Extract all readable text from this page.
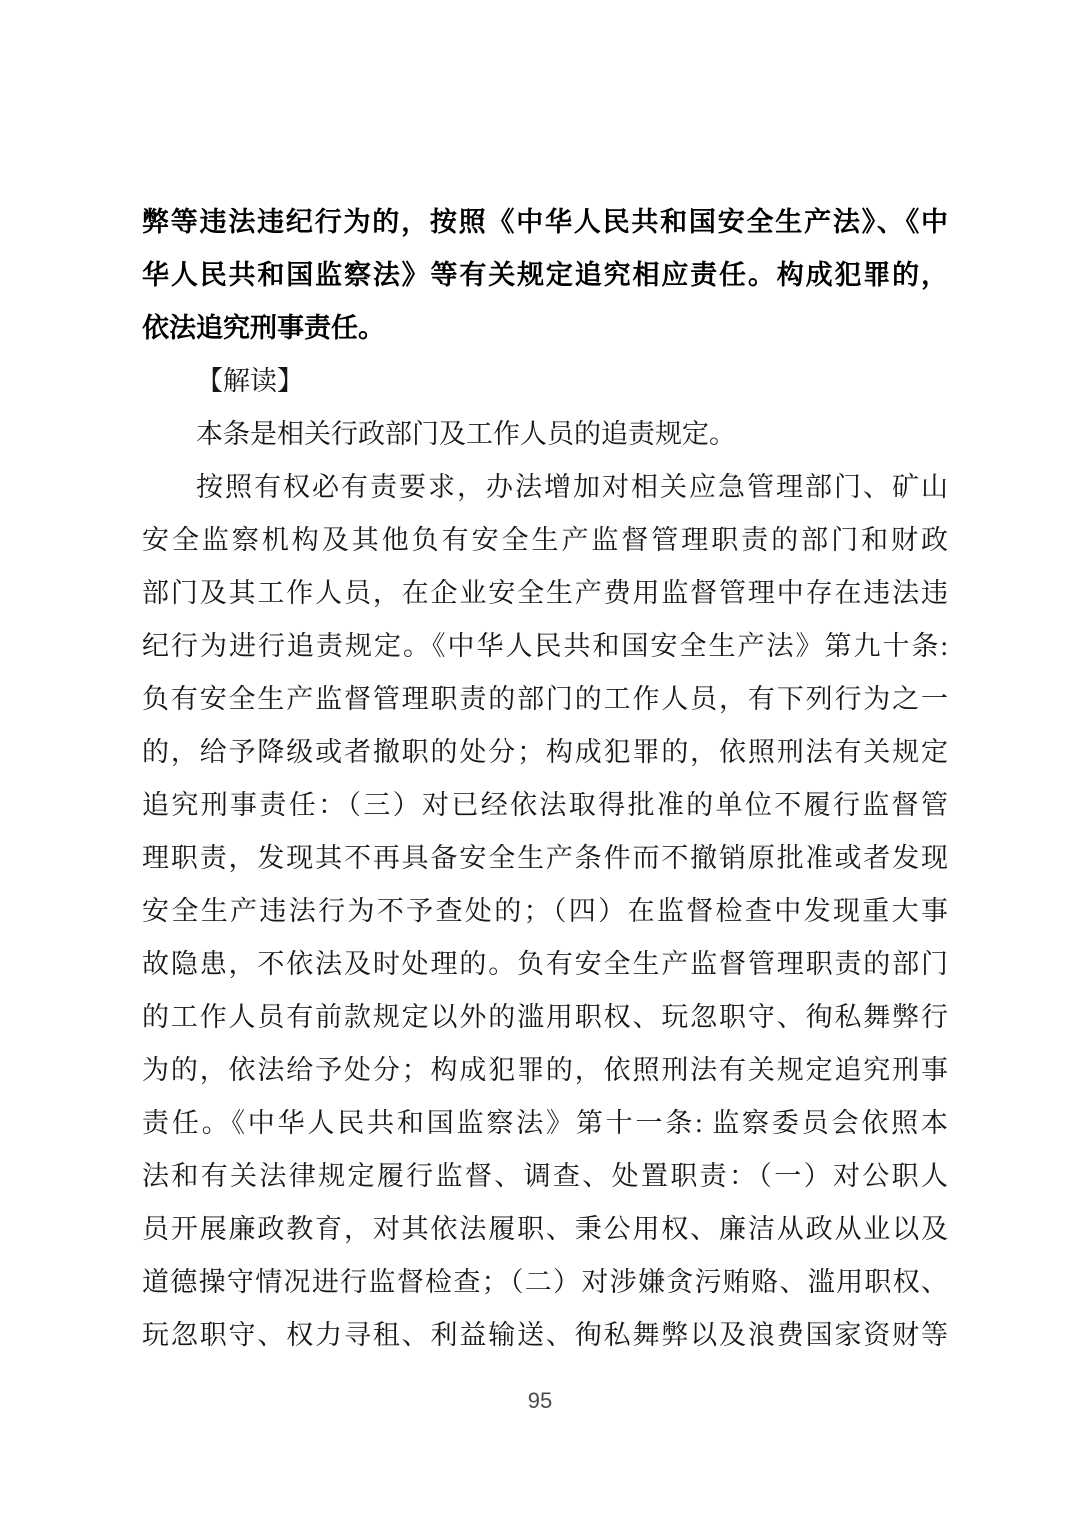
弊等违法违纪行为的，按照《中华人民共和国安全生产法》、《中
华人民共和国监察法》等有关规定追究相应责任。构成犯罪的，
依法追究刑事责任。
【解读】
本条是相关行政部门及工作人员的追责规定。
按照有权必有责要求，办法增加对相关应急管理部门、矿山
安全监察机构及其他负有安全生产监督管理职责的部门和财政
部门及其工作人员，在企业安全生产费用监督管理中存在违法违
纪行为进行追责规定。《中华人民共和国安全生产法》第九十条:
负有安全生产监督管理职责的部门的工作人员，有下列行为之一
的，给予降级或者撤职的处分；构成犯罪的，依照刑法有关规定
追究刑事责任：（三）对已经依法取得批准的单位不履行监督管
理职责，发现其不再具备安全生产条件而不撤销原批准或者发现
安全生产违法行为不予查处的；（四）在监督检查中发现重大事
故隐患，不依法及时处理的。负有安全生产监督管理职责的部门
的工作人员有前款规定以外的滥用职权、玩忽职守、徇私舞弊行
为的，依法给予处分；构成犯罪的，依照刑法有关规定追究刑事
责任。《中华人民共和国监察法》第十一条: 监察委员会依照本
法和有关法律规定履行监督、调查、处置职责：（一）对公职人
员开展廉政教育，对其依法履职、秉公用权、廉洁从政从业以及
道德操守情况进行监督检查；（二）对涉嫌贪污贿赂、滥用职权、
玩忽职守、权力寻租、利益输送、徇私舞弊以及浪费国家资财等
95
